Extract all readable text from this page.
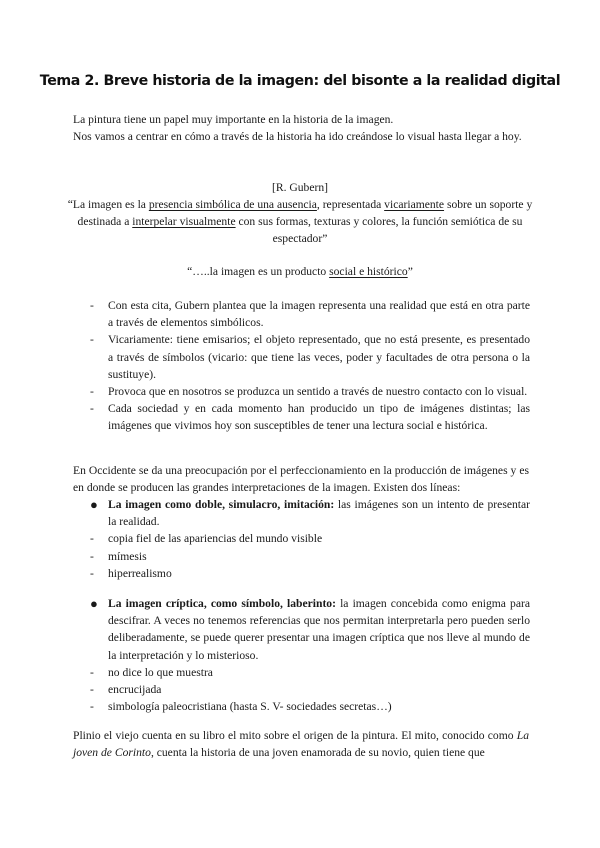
Tema 2. Breve historia de la imagen: del bisonte a la realidad digital

La pintura tiene un papel muy importante en la historia de la imagen.

Nos vamos a centrar en cómo a través de la historia ha ido creándose lo visual hasta llegar a hoy.

[R. Gubern]

“La imagen es la presencia simbólica de una ausencia, representada vicariamente sobre un soporte y destinada a interpelar visualmente con sus formas, texturas y colores, la función semiótica de su espectador”

“…..la imagen es un producto social e histórico”

- Con esta cita, Gubern plantea que la imagen representa una realidad que está en otra parte a través de elementos simbólicos.
- Vicariamente: tiene emisarios; el objeto representado, que no está presente, es presentado a través de símbolos (vicario: que tiene las veces, poder y facultades de otra persona o la sustituye).
- Provoca que en nosotros se produzca un sentido a través de nuestro contacto con lo visual.
- Cada sociedad y en cada momento han producido un tipo de imágenes distintas; las imágenes que vivimos hoy son susceptibles de tener una lectura social e histórica.

En Occidente se da una preocupación por el perfeccionamiento en la producción de imágenes y es en donde se producen las grandes interpretaciones de la imagen. Existen dos líneas:

● La imagen como doble, simulacro, imitación: las imágenes son un intento de presentar la realidad.
- copia fiel de las apariencias del mundo visible
- mímesis
- hiperrealismo
● La imagen críptica, como símbolo, laberinto: la imagen concebida como enigma para descifrar. A veces no tenemos referencias que nos permitan interpretarla pero pueden serlo deliberadamente, se puede querer presentar una imagen críptica que nos lleve al mundo de la interpretación y lo misterioso.
- no dice lo que muestra
- encrucijada
- simbología paleocristiana (hasta S. V- sociedades secretas…)

Plinio el viejo cuenta en su libro el mito sobre el origen de la pintura. El mito, conocido como La joven de Corinto, cuenta la historia de una joven enamorada de su novio, quien tiene que
